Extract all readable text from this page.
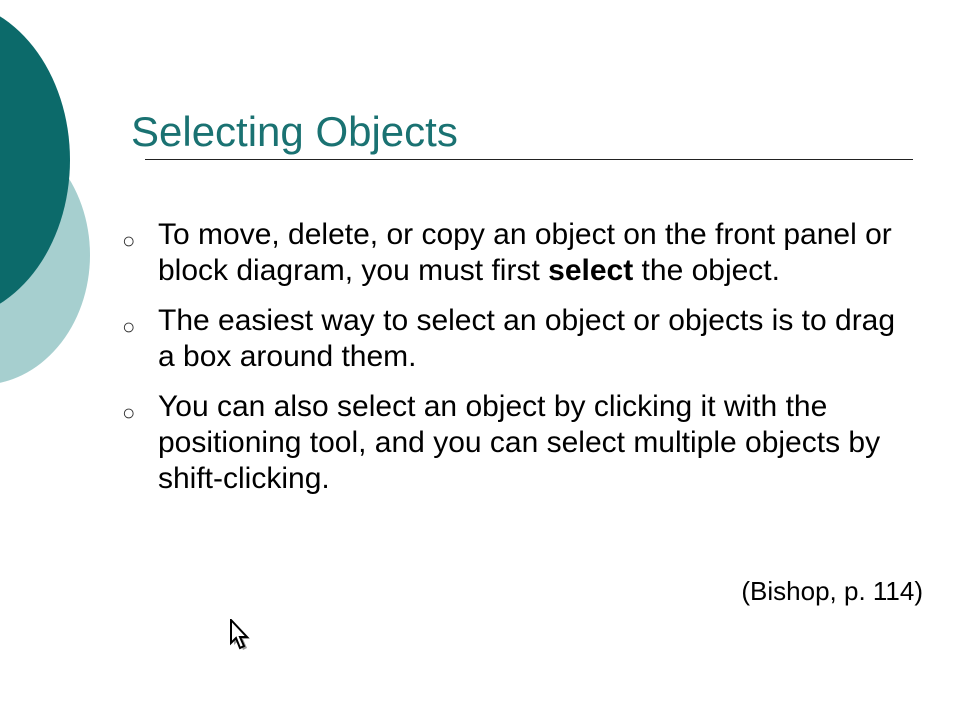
Selecting Objects
○
To move, delete, or copy an object on the front panel or block diagram, you must first select the object.
○
The easiest way to select an object or objects is to drag a box around them.
○
You can also select an object by clicking it with the positioning tool, and you can select multiple objects by shift-clicking.
(Bishop, p. 114)
